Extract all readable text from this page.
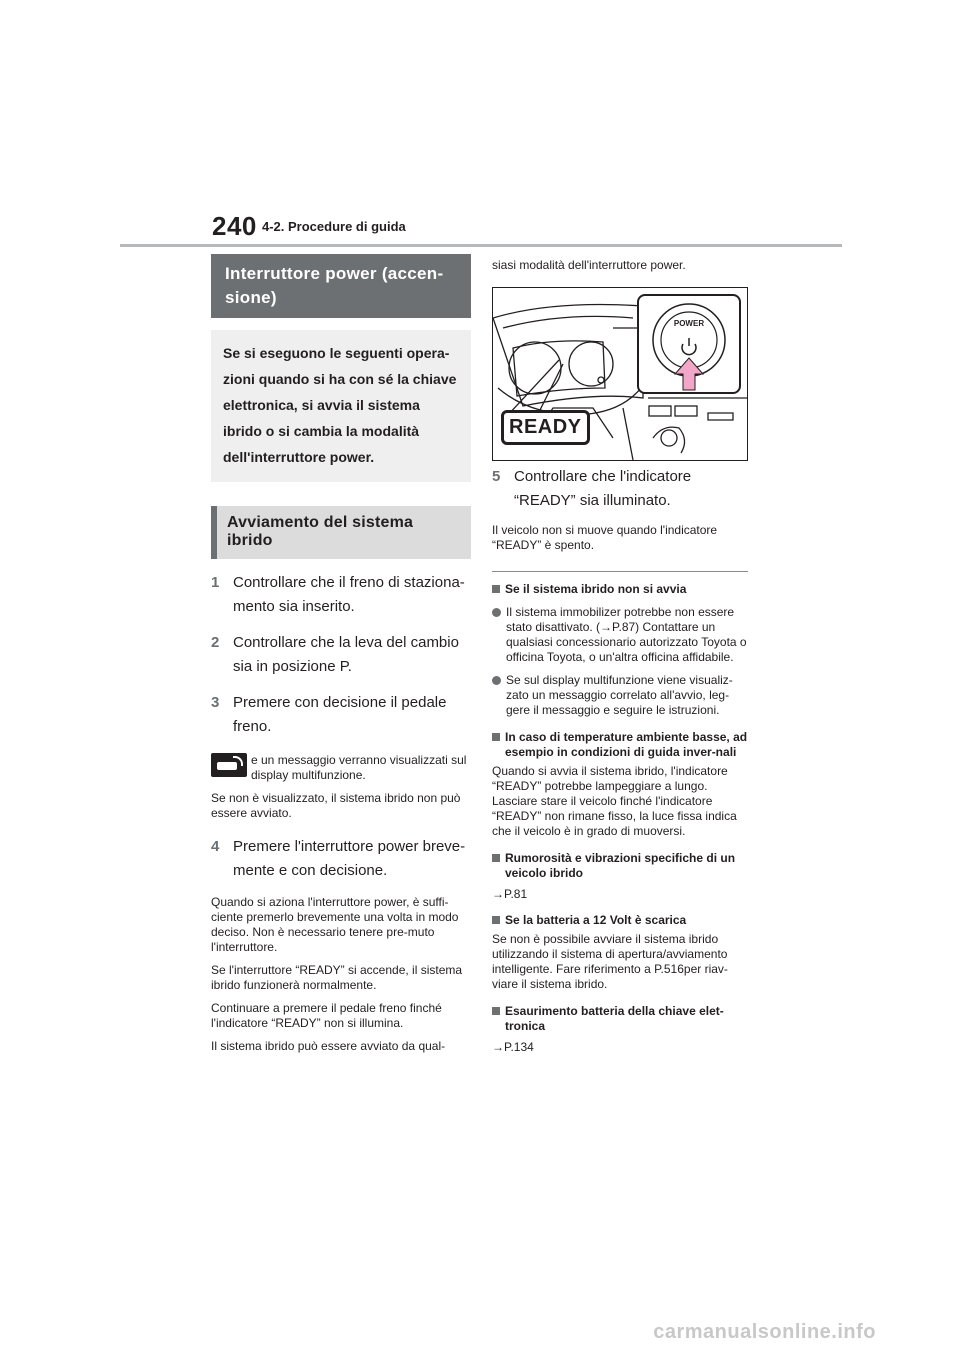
240 4-2. Procedure di guida
Interruttore power (accen-sione)
Se si eseguono le seguenti opera-zioni quando si ha con sé la chiave elettronica, si avvia il sistema ibrido o si cambia la modalità dell'interruttore power.
Avviamento del sistema ibrido
1 Controllare che il freno di staziona-mento sia inserito.
2 Controllare che la leva del cambio sia in posizione P.
3 Premere con decisione il pedale freno.
e un messaggio verranno visualizzati sul display multifunzione.
Se non è visualizzato, il sistema ibrido non può essere avviato.
4 Premere l'interruttore power breve-mente e con decisione.
Quando si aziona l'interruttore power, è suffi-ciente premerlo brevemente una volta in modo deciso. Non è necessario tenere pre-muto l'interruttore.
Se l'interruttore “READY” si accende, il sistema ibrido funzionerà normalmente.
Continuare a premere il pedale freno finché l'indicatore “READY” non si illumina.
Il sistema ibrido può essere avviato da qual-
siasi modalità dell'interruttore power.
READY
POWER
5 Controllare che l'indicatore “READY” sia illuminato.
Il veicolo non si muove quando l'indicatore “READY” è spento.
Se il sistema ibrido non si avvia
Il sistema immobilizer potrebbe non essere stato disattivato. (→P.87) Contattare un qualsiasi concessionario autorizzato Toyota o officina Toyota, o un'altra officina affidabile.
Se sul display multifunzione viene visualiz-zato un messaggio correlato all'avvio, leg-gere il messaggio e seguire le istruzioni.
In caso di temperature ambiente basse, ad esempio in condizioni di guida inver-nali
Quando si avvia il sistema ibrido, l'indicatore “READY” potrebbe lampeggiare a lungo. Lasciare stare il veicolo finché l'indicatore “READY” non rimane fisso, la luce fissa indica che il veicolo è in grado di muoversi.
Rumorosità e vibrazioni specifiche di un veicolo ibrido
→P.81
Se la batteria a 12 Volt è scarica
Se non è possibile avviare il sistema ibrido utilizzando il sistema di apertura/avviamento intelligente. Fare riferimento a P.516per riav-viare il sistema ibrido.
Esaurimento batteria della chiave elet-tronica
→P.134
carmanualsonline.info
